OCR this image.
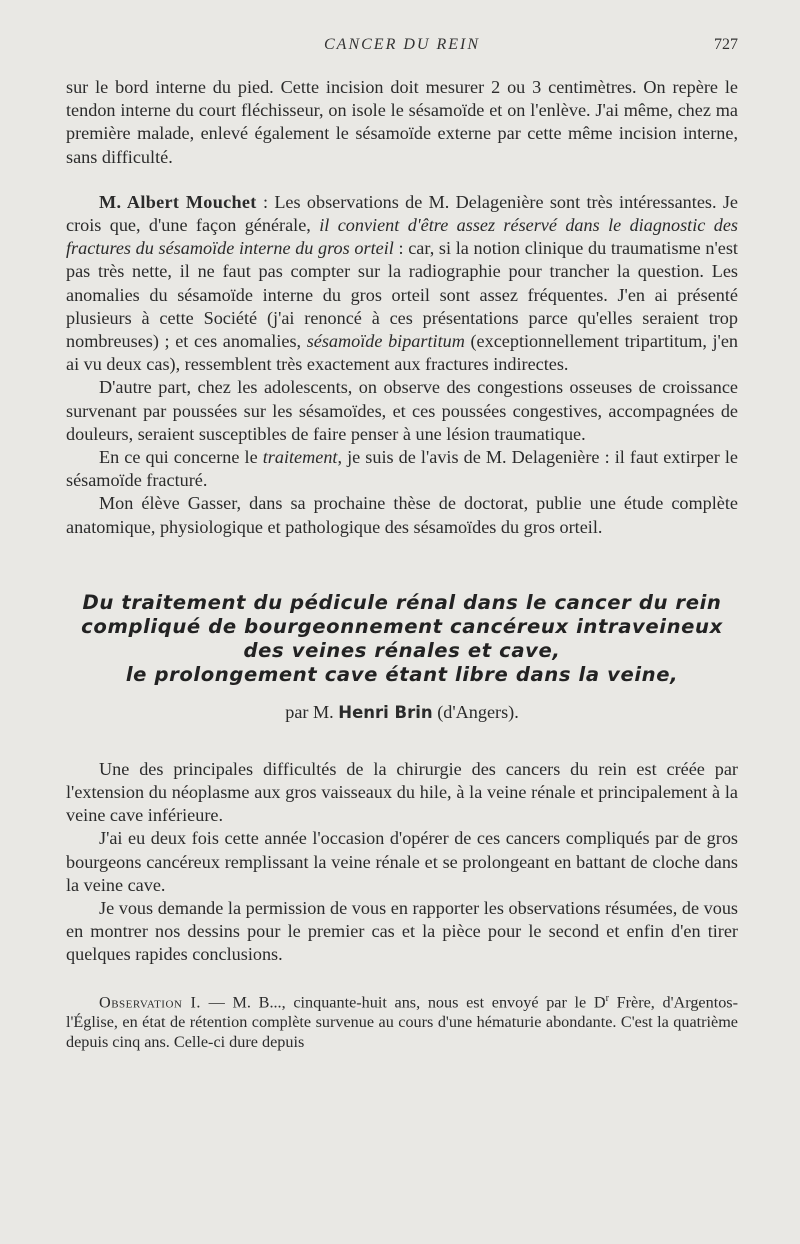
CANCER DU REIN	727

sur le bord interne du pied. Cette incision doit mesurer 2 ou 3 centimètres. On repère le tendon interne du court fléchisseur, on isole le sésamoïde et on l'enlève. J'ai même, chez ma première malade, enlevé également le sésamoïde externe par cette même incision interne, sans difficulté.

M. Albert Mouchet : Les observations de M. Delagenière sont très intéressantes. Je crois que, d'une façon générale, il convient d'être assez réservé dans le diagnostic des fractures du sésamoïde interne du gros orteil : car, si la notion clinique du traumatisme n'est pas très nette, il ne faut pas compter sur la radiographie pour trancher la question. Les anomalies du sésamoïde interne du gros orteil sont assez fréquentes. J'en ai présenté plusieurs à cette Société (j'ai renoncé à ces présentations parce qu'elles seraient trop nombreuses) ; et ces anomalies, sésamoïde bipartitum (exceptionnellement tripartitum, j'en ai vu deux cas), ressemblent très exactement aux fractures indirectes.

D'autre part, chez les adolescents, on observe des congestions osseuses de croissance survenant par poussées sur les sésamoïdes, et ces poussées congestives, accompagnées de douleurs, seraient susceptibles de faire penser à une lésion traumatique.

En ce qui concerne le traitement, je suis de l'avis de M. Delagenière : il faut extirper le sésamoïde fracturé.

Mon élève Gasser, dans sa prochaine thèse de doctorat, publie une étude complète anatomique, physiologique et pathologique des sésamoïdes du gros orteil.

Du traitement du pédicule rénal dans le cancer du rein
compliqué de bourgeonnement cancéreux intraveineux
des veines rénales et cave,
le prolongement cave étant libre dans la veine,
par M. Henri Brin (d'Angers).

Une des principales difficultés de la chirurgie des cancers du rein est créée par l'extension du néoplasme aux gros vaisseaux du hile, à la veine rénale et principalement à la veine cave inférieure.

J'ai eu deux fois cette année l'occasion d'opérer de ces cancers compliqués par de gros bourgeons cancéreux remplissant la veine rénale et se prolongeant en battant de cloche dans la veine cave.

Je vous demande la permission de vous en rapporter les observations résumées, de vous en montrer nos dessins pour le premier cas et la pièce pour le second et enfin d'en tirer quelques rapides conclusions.

Observation I. — M. B..., cinquante-huit ans, nous est envoyé par le $D^r$ Frère, d'Argentos-l'Église, en état de rétention complète survenue au cours d'une hématurie abondante. C'est la quatrième depuis cinq ans. Celle-ci dure depuis
